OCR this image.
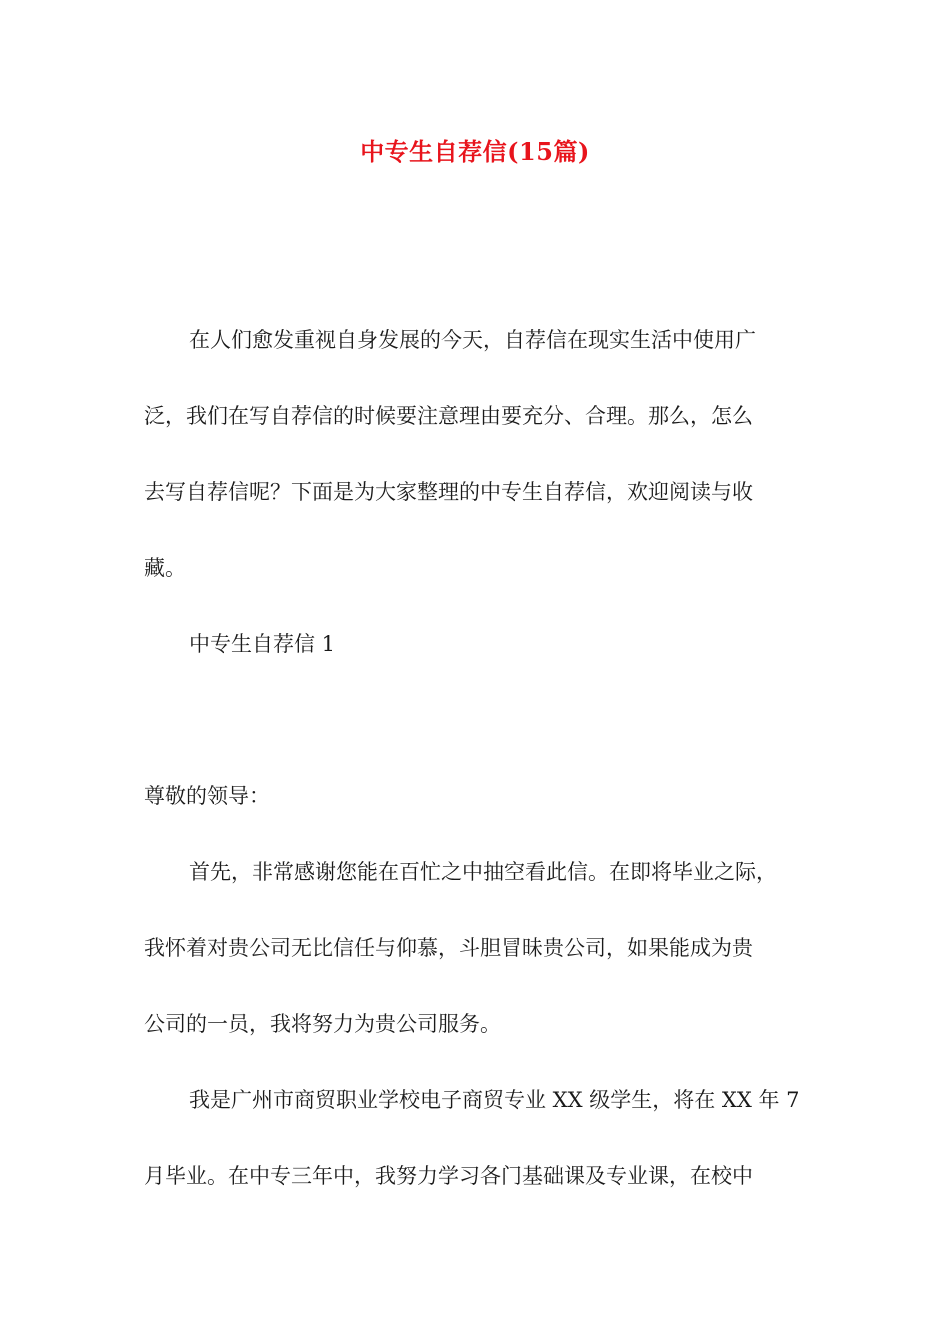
中专生自荐信(15篇)
在人们愈发重视自身发展的今天，自荐信在现实生活中使用广
泛，我们在写自荐信的时候要注意理由要充分、合理。那么，怎么
去写自荐信呢？下面是为大家整理的中专生自荐信，欢迎阅读与收
藏。
中专生自荐信 1
尊敬的领导：
首先，非常感谢您能在百忙之中抽空看此信。在即将毕业之际，
我怀着对贵公司无比信任与仰慕，斗胆冒昧贵公司，如果能成为贵
公司的一员，我将努力为贵公司服务。
我是广州市商贸职业学校电子商贸专业 XX 级学生，将在 XX 年 7
月毕业。在中专三年中，我努力学习各门基础课及专业课，在校中
